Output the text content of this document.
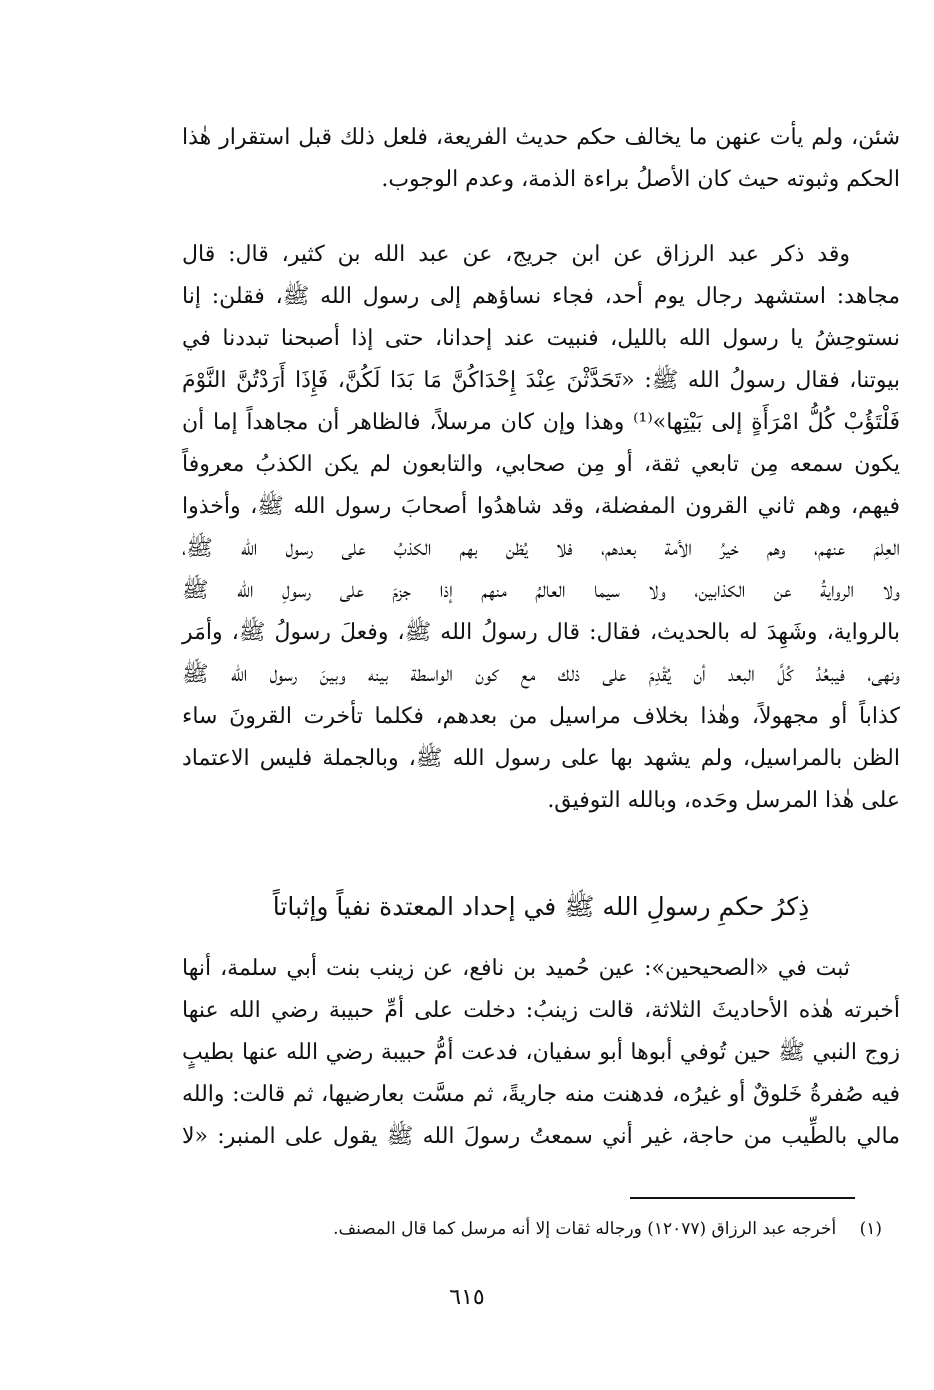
شئن، ولم يأت عنهن ما يخالف حكم حديث الفريعة، فلعل ذلك قبل استقرار هٰذا
الحكم وثبوته حيث كان الأصلُ براءة الذمة، وعدم الوجوب.
وقد ذكر عبد الرزاق عن ابن جريج، عن عبد الله بن كثير، قال: قال
مجاهد: استشهد رجال يوم أحد، فجاء نساؤهم إلى رسول الله ﷺ، فقلن: إنا
نستوحِشُ يا رسول الله بالليل، فنبيت عند إحدانا، حتى إذا أصبحنا تبددنا في
بيوتنا، فقال رسولُ الله ﷺ: «تَحَدَّثْنَ عِنْدَ إِحْدَاكُنَّ مَا بَدَا لَكُنَّ، فَإِذَا أَرَدْتُنَّ النَّوْمَ
فَلْتَؤُبْ كُلُّ امْرَأَةٍ إلى بَيْتِها»⁽¹⁾ وهذا وإن كان مرسلاً، فالظاهر أن مجاهداً إما أن
يكون سمعه مِن تابعي ثقة، أو مِن صحابي، والتابعون لم يكن الكذبُ معروفاً
فيهم، وهم ثاني القرون المفضلة، وقد شاهدُوا أصحابَ رسول الله ﷺ، وأخذوا
العِلمَ عنهم، وهم خيرُ الأمة بعدهم، فلا يُظن بهم الكذبُ على رسول الله ﷺ،
ولا الروايةُ عن الكذابين، ولا سيما العالمُ منهم إذا جزمَ على رسولِ الله ﷺ
بالرواية، وشَهِدَ له بالحديث، فقال: قال رسولُ الله ﷺ، وفعلَ رسولُ ﷺ، وأمَر
ونهى، فيبعُدُ كُلَّ البعد أن يُقْدِمَ على ذلك مع كون الواسطة بينه وبينَ رسول الله ﷺ
كذاباً أو مجهولاً، وهٰذا بخلاف مراسيل من بعدهم، فكلما تأخرت القرونَ ساء
الظن بالمراسيل، ولم يشهد بها على رسول الله ﷺ، وبالجملة فليس الاعتماد
على هٰذا المرسل وحَده، وبالله التوفيق.
ذِكرُ حكمِ رسولِ الله ﷺ في إحداد المعتدة نفياً وإثباتاً
ثبت في «الصحيحين»: عين حُميد بن نافع، عن زينب بنت أبي سلمة، أنها
أخبرته هٰذه الأحاديثَ الثلاثة، قالت زينبُ: دخلت على أمِّ حبيبة رضي الله عنها
زوج النبي ﷺ حين تُوفي أبوها أبو سفيان، فدعت أمُّ حبيبة رضي الله عنها بطيبٍ
فيه صُفرةُ خَلوقٌ أو غيرُه، فدهنت منه جاريةً، ثم مسَّت بعارضيها، ثم قالت: والله
مالي بالطِّيب من حاجة، غير أني سمعتُ رسولَ الله ﷺ يقول على المنبر: «لا
(١) أخرجه عبد الرزاق (١٢٠٧٧) ورجاله ثقات إلا أنه مرسل كما قال المصنف.
٦١٥
